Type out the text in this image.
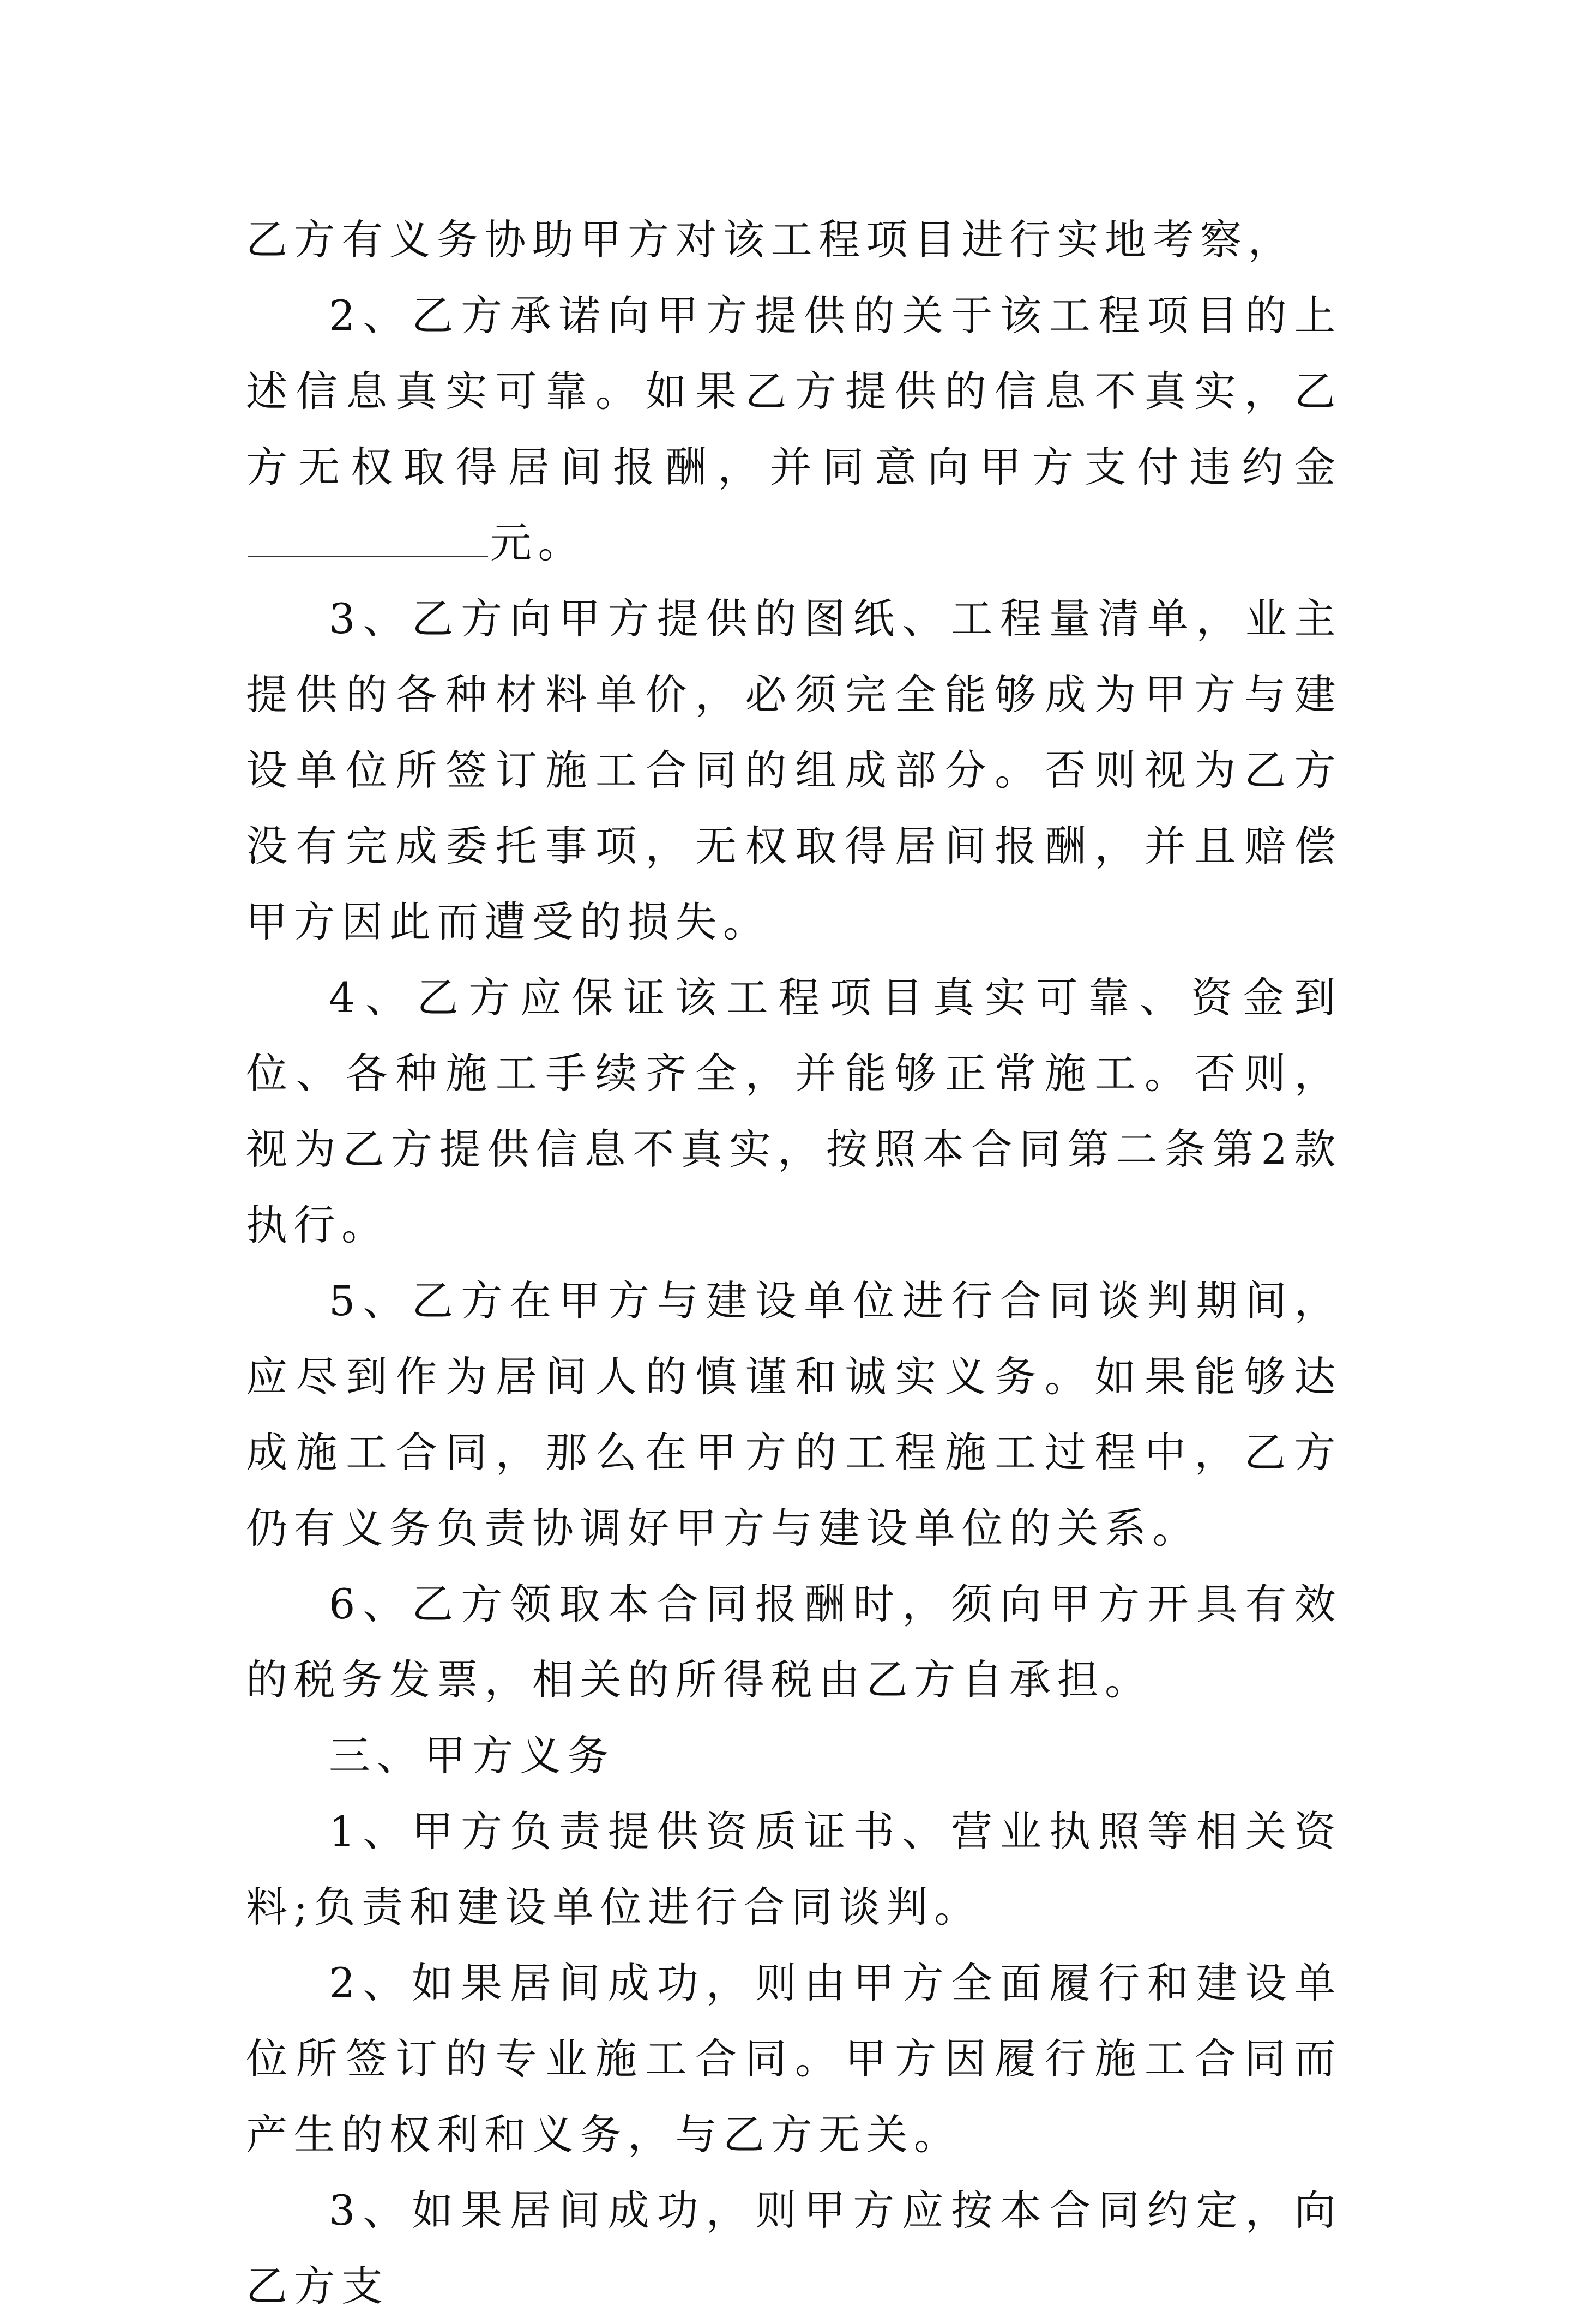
乙方有义务协助甲方对该工程项目进行实地考察，

2、乙方承诺向甲方提供的关于该工程项目的上述信息真实可靠。如果乙方提供的信息不真实，乙方无权取得居间报酬，并同意向甲方支付违约金元。

3、乙方向甲方提供的图纸、工程量清单，业主提供的各种材料单价，必须完全能够成为甲方与建设单位所签订施工合同的组成部分。否则视为乙方没有完成委托事项，无权取得居间报酬，并且赔偿甲方因此而遭受的损失。

4、乙方应保证该工程项目真实可靠、资金到位、各种施工手续齐全，并能够正常施工。否则，视为乙方提供信息不真实，按照本合同第二条第2款执行。

5、乙方在甲方与建设单位进行合同谈判期间，应尽到作为居间人的慎谨和诚实义务。如果能够达成施工合同，那么在甲方的工程施工过程中，乙方仍有义务负责协调好甲方与建设单位的关系。

6、乙方领取本合同报酬时，须向甲方开具有效的税务发票，相关的所得税由乙方自承担。

三、甲方义务

1、甲方负责提供资质证书、营业执照等相关资料;负责和建设单位进行合同谈判。

2、如果居间成功，则由甲方全面履行和建设单位所签订的专业施工合同。甲方因履行施工合同而产生的权利和义务，与乙方无关。

3、如果居间成功，则甲方应按本合同约定，向乙方支
